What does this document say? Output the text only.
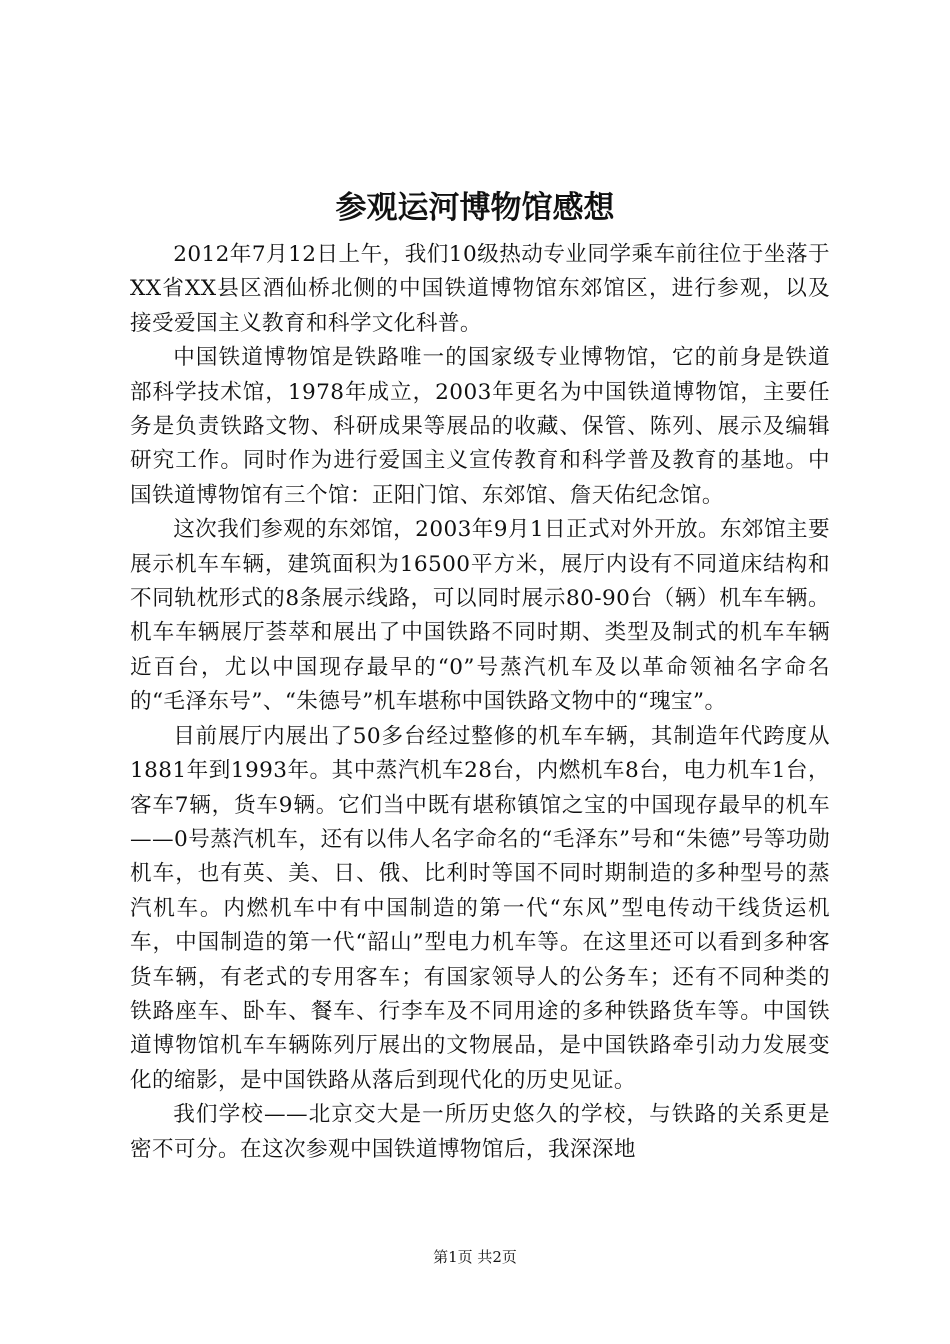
参观运河博物馆感想

2012年7月12日上午，我们10级热动专业同学乘车前往位于坐落于XX省XX县区酒仙桥北侧的中国铁道博物馆东郊馆区，进行参观，以及接受爱国主义教育和科学文化科普。

中国铁道博物馆是铁路唯一的国家级专业博物馆，它的前身是铁道部科学技术馆，1978年成立，2003年更名为中国铁道博物馆，主要任务是负责铁路文物、科研成果等展品的收藏、保管、陈列、展示及编辑研究工作。同时作为进行爱国主义宣传教育和科学普及教育的基地。中国铁道博物馆有三个馆：正阳门馆、东郊馆、詹天佑纪念馆。

这次我们参观的东郊馆，2003年9月1日正式对外开放。东郊馆主要展示机车车辆，建筑面积为16500平方米，展厅内设有不同道床结构和不同轨枕形式的8条展示线路，可以同时展示80-90台（辆）机车车辆。机车车辆展厅荟萃和展出了中国铁路不同时期、类型及制式的机车车辆近百台，尤以中国现存最早的“0”号蒸汽机车及以革命领袖名字命名的“毛泽东号”、“朱德号”机车堪称中国铁路文物中的“瑰宝”。

目前展厅内展出了50多台经过整修的机车车辆，其制造年代跨度从1881年到1993年。其中蒸汽机车28台，内燃机车8台，电力机车1台，客车7辆，货车9辆。它们当中既有堪称镇馆之宝的中国现存最早的机车——0号蒸汽机车，还有以伟人名字命名的“毛泽东”号和“朱德”号等功勋机车，也有英、美、日、俄、比利时等国不同时期制造的多种型号的蒸汽机车。内燃机车中有中国制造的第一代“东风”型电传动干线货运机车，中国制造的第一代“韶山”型电力机车等。在这里还可以看到多种客货车辆，有老式的专用客车；有国家领导人的公务车；还有不同种类的铁路座车、卧车、餐车、行李车及不同用途的多种铁路货车等。中国铁道博物馆机车车辆陈列厅展出的文物展品，是中国铁路牵引动力发展变化的缩影，是中国铁路从落后到现代化的历史见证。

我们学校——北京交大是一所历史悠久的学校，与铁路的关系更是密不可分。在这次参观中国铁道博物馆后，我深深地

第1页 共2页
